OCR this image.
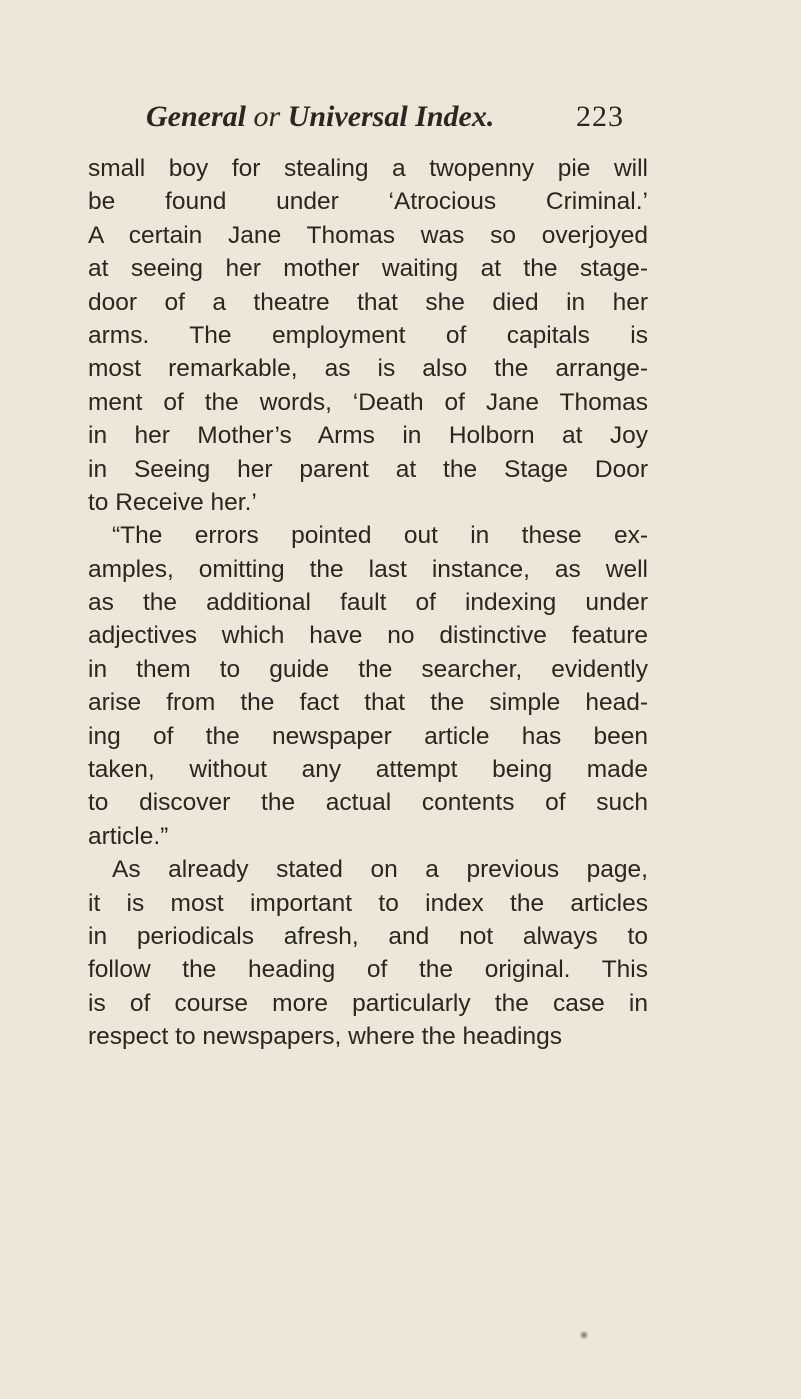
General or Universal Index.	223
small boy for stealing a twopenny pie will
be found under ‘Atrocious Criminal.’
A certain Jane Thomas was so overjoyed
at seeing her mother waiting at the stage-
door of a theatre that she died in her
arms. The employment of capitals is
most remarkable, as is also the arrange-
ment of the words, ‘Death of Jane Thomas
in her Mother’s Arms in Holborn at Joy
in Seeing her parent at the Stage Door
to Receive her.’
“The errors pointed out in these ex-
amples, omitting the last instance, as well
as the additional fault of indexing under
adjectives which have no distinctive feature
in them to guide the searcher, evidently
arise from the fact that the simple head-
ing of the newspaper article has been
taken, without any attempt being made
to discover the actual contents of such
article.”
As already stated on a previous page,
it is most important to index the articles
in periodicals afresh, and not always to
follow the heading of the original. This
is of course more particularly the case in
respect to newspapers, where the headings
